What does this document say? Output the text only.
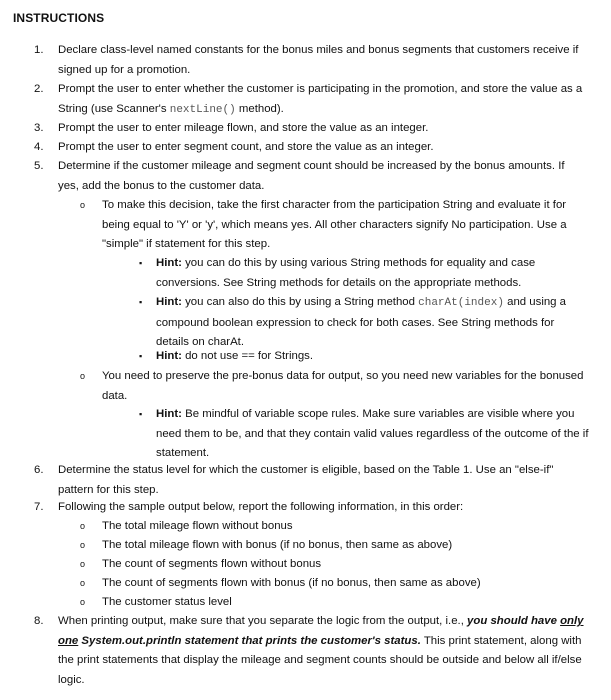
INSTRUCTIONS
1. Declare class-level named constants for the bonus miles and bonus segments that customers receive if signed up for a promotion.
2. Prompt the user to enter whether the customer is participating in the promotion, and store the value as a String (use Scanner's nextLine() method).
3. Prompt the user to enter mileage flown, and store the value as an integer.
4. Prompt the user to enter segment count, and store the value as an integer.
5. Determine if the customer mileage and segment count should be increased by the bonus amounts. If yes, add the bonus to the customer data.
o To make this decision, take the first character from the participation String and evaluate it for being equal to 'Y' or 'y', which means yes. All other characters signify No participation. Use a "simple" if statement for this step.
▪ Hint: you can do this by using various String methods for equality and case conversions. See String methods for details on the appropriate methods.
▪ Hint: you can also do this by using a String method charAt(index) and using a compound boolean expression to check for both cases. See String methods for details on charAt.
▪ Hint: do not use == for Strings.
o You need to preserve the pre-bonus data for output, so you need new variables for the bonused data.
▪ Hint: Be mindful of variable scope rules. Make sure variables are visible where you need them to be, and that they contain valid values regardless of the outcome of the if statement.
6. Determine the status level for which the customer is eligible, based on the Table 1. Use an "else-if" pattern for this step.
7. Following the sample output below, report the following information, in this order:
o The total mileage flown without bonus
o The total mileage flown with bonus (if no bonus, then same as above)
o The count of segments flown without bonus
o The count of segments flown with bonus (if no bonus, then same as above)
o The customer status level
8. When printing output, make sure that you separate the logic from the output, i.e., you should have only one System.out.println statement that prints the customer's status. This print statement, along with the print statements that display the mileage and segment counts should be outside and below all if/else logic.
